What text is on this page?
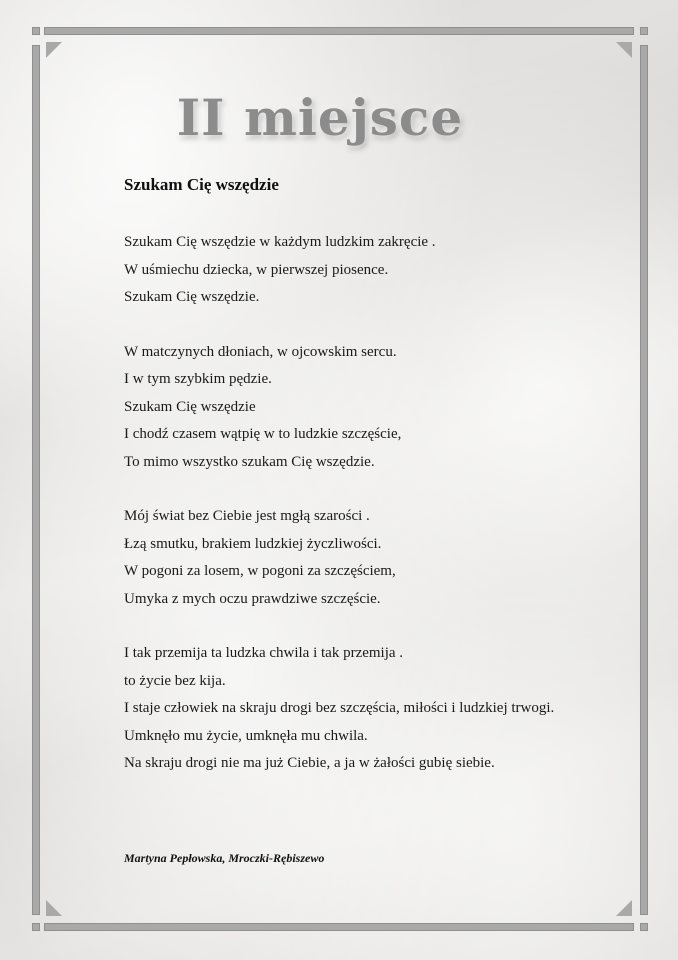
II miejsce
Szukam Cię wszędzie
Szukam Cię wszędzie w każdym ludzkim zakręcie .
W uśmiechu dziecka, w pierwszej piosence.
Szukam Cię wszędzie.
W matczynych dłoniach, w ojcowskim sercu.
I w tym szybkim pędzie.
Szukam Cię wszędzie
I chodź czasem wątpię w to ludzkie szczęście,
To mimo wszystko szukam Cię wszędzie.
Mój świat bez Ciebie jest mgłą szarości .
Łzą smutku, brakiem ludzkiej życzliwości.
W pogoni za losem, w pogoni za szczęściem,
Umyka z mych oczu prawdziwe szczęście.
I tak przemija ta ludzka chwila i tak przemija .
to życie bez kija.
I staje człowiek na skraju drogi bez szczęścia, miłości i ludzkiej trwogi.
Umknęło mu życie, umknęła mu chwila.
Na skraju drogi nie ma już Ciebie, a ja w żałości gubię siebie.
Martyna Pepłowska, Mroczki-Rębiszewo
